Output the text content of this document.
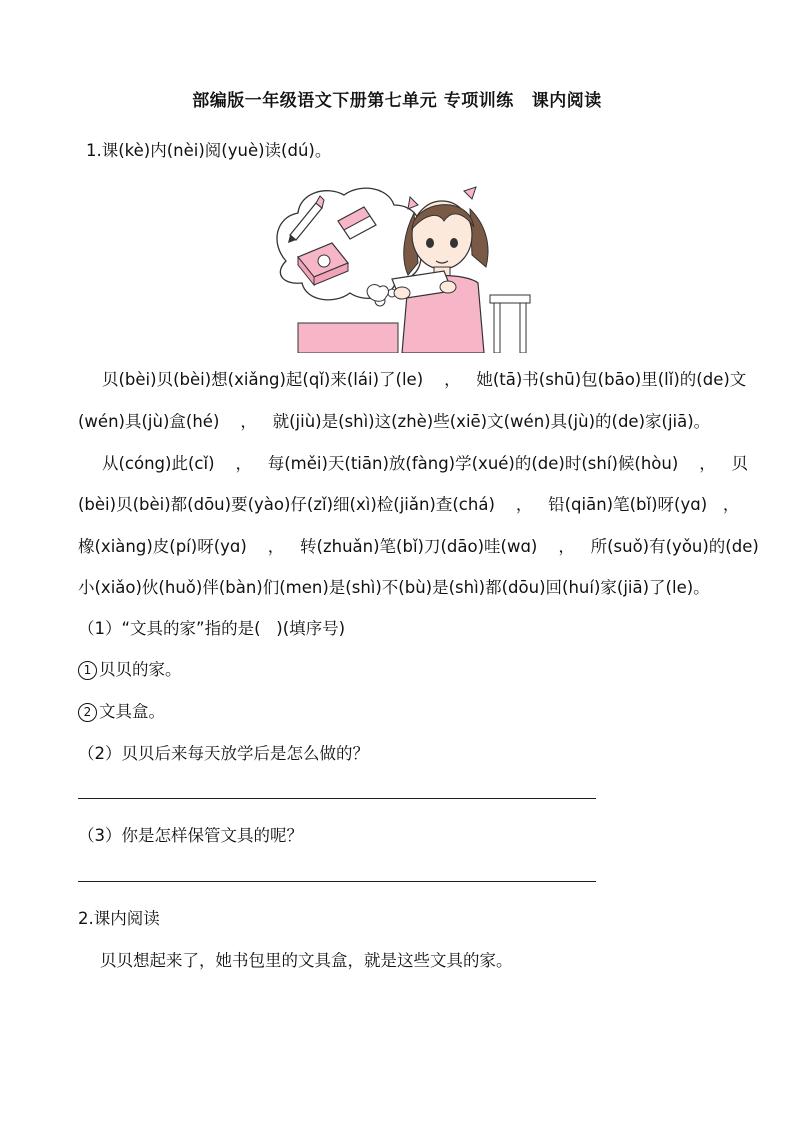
部编版一年级语文下册第七单元 专项训练 课内阅读
1.课(kè)内(nèi)阅(yuè)读(dú)。
贝(bèi)贝(bèi)想(xiǎng)起(qǐ)来(lái)了(le)    ，   她(tā)书(shū)包(bāo)里(lǐ)的(de)文
(wén)具(jù)盒(hé)    ，   就(jiù)是(shì)这(zhè)些(xiē)文(wén)具(jù)的(de)家(jiā)。
从(cóng)此(cǐ)    ，   每(měi)天(tiān)放(fàng)学(xué)的(de)时(shí)候(hòu)    ，   贝
(bèi)贝(bèi)都(dōu)要(yào)仔(zǐ)细(xì)检(jiǎn)查(chá)    ，   铅(qiān)笔(bǐ)呀(yɑ)   ，
橡(xiàng)皮(pí)呀(yɑ)    ，   转(zhuǎn)笔(bǐ)刀(dāo)哇(wɑ)    ，   所(suǒ)有(yǒu)的(de)
小(xiǎo)伙(huǒ)伴(bàn)们(men)是(shì)不(bù)是(shì)都(dōu)回(huí)家(jiā)了(le)。
（1）“文具的家”指的是(   )(填序号)
1 贝贝的家。
2 文具盒。
（2）贝贝后来每天放学后是怎么做的？
（3）你是怎样保管文具的呢？
2.课内阅读
贝贝想起来了，她书包里的文具盒，就是这些文具的家。
